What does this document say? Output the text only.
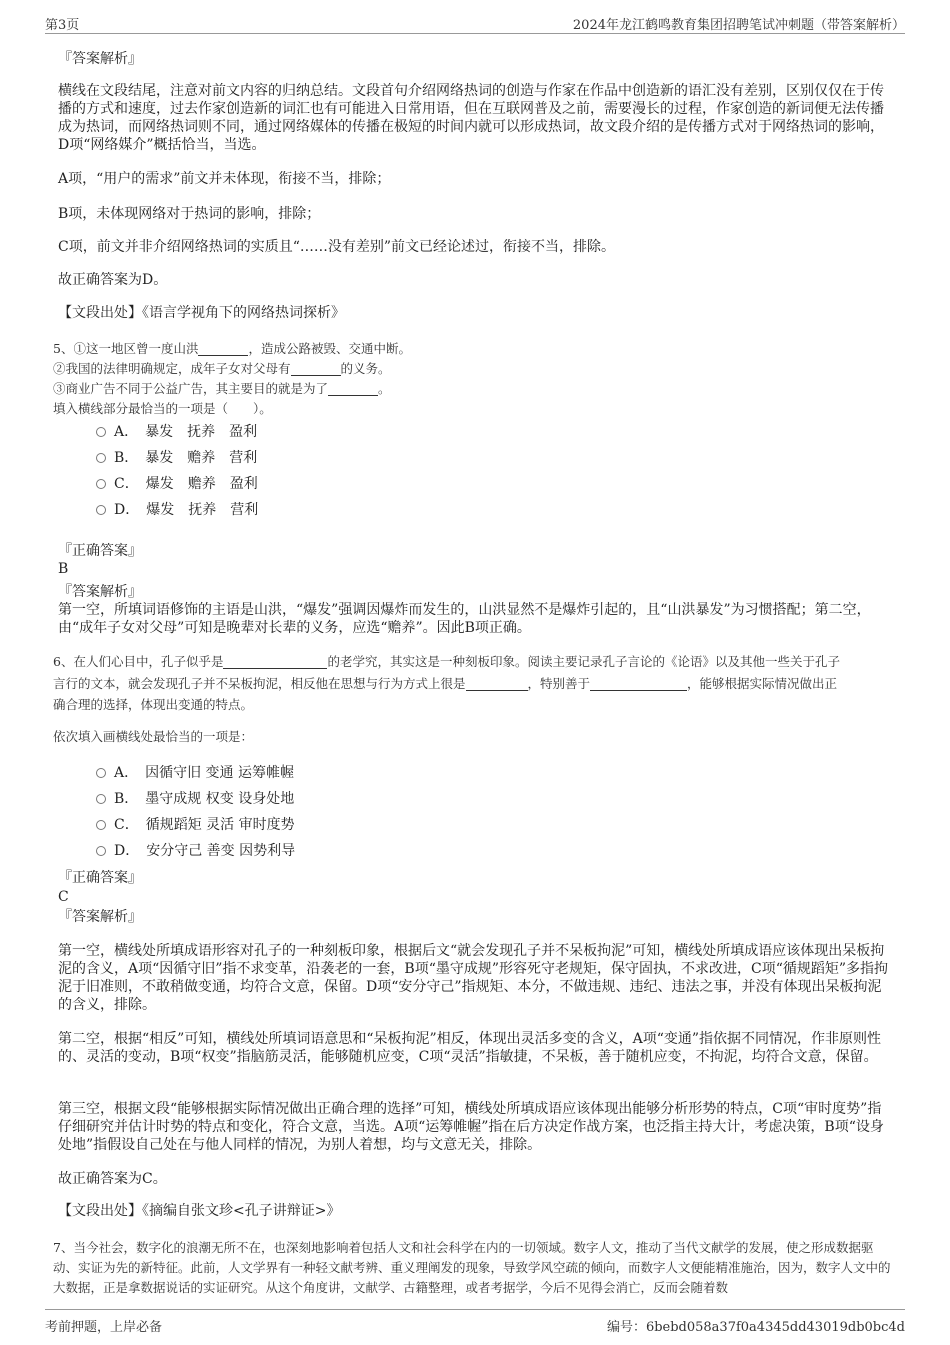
第3页	2024年龙江鹤鸣教育集团招聘笔试冲刺题（带答案解析）
『答案解析』
横线在文段结尾，注意对前文内容的归纳总结。文段首句介绍网络热词的创造与作家在作品中创造新的语汇没有差别，区别仅仅在于传播的方式和速度，过去作家创造新的词汇也有可能进入日常用语，但在互联网普及之前，需要漫长的过程，作家创造的新词便无法传播成为热词，而网络热词则不同，通过网络媒体的传播在极短的时间内就可以形成热词，故文段介绍的是传播方式对于网络热词的影响，D项“网络媒介”概括恰当，当选。
A项，“用户的需求”前文并未体现，衔接不当，排除；
B项，未体现网络对于热词的影响，排除；
C项，前文并非介绍网络热词的实质且“……没有差别”前文已经论述过，衔接不当，排除。
故正确答案为D。
【文段出处】《语言学视角下的网络热词探析》
5、①这一地区曾一度山洪	，造成公路被毁、交通中断。
②我国的法律明确规定，成年子女对父母有	的义务。
③商业广告不同于公益广告，其主要目的就是为了	。
填入横线部分最恰当的一项是（　　）。
A．　暴发　抚养　盈利
B．　暴发　赡养　营利
C．　爆发　赡养　盈利
D．　爆发　抚养　营利
『正确答案』
B
『答案解析』
第一空，所填词语修饰的主语是山洪，“爆发”强调因爆炸而发生的，山洪显然不是爆炸引起的，且“山洪暴发”为习惯搭配；第二空，由“成年子女对父母”可知是晚辈对长辈的义务，应选“赡养”。因此B项正确。
6、在人们心目中，孔子似乎是	的老学究，其实这是一种刻板印象。阅读主要记录孔子言论的《论语》以及其他一些关于孔子
言行的文本，就会发现孔子并不呆板拘泥，相反他在思想与行为方式上很是	，特别善于	，能够根据实际情况做出正
确合理的选择，体现出变通的特点。
依次填入画横线处最恰当的一项是：
A．　因循守旧 变通 运筹帷幄
B．　墨守成规 权变 设身处地
C．　循规蹈矩 灵活 审时度势
D．　安分守己 善变 因势利导
『正确答案』
C
『答案解析』
第一空，横线处所填成语形容对孔子的一种刻板印象，根据后文“就会发现孔子并不呆板拘泥”可知，横线处所填成语应该体现出呆板拘泥的含义，A项“因循守旧”指不求变革，沿袭老的一套，B项“墨守成规”形容死守老规矩，保守固执，不求改进，C项“循规蹈矩”多指拘泥于旧准则，不敢稍做变通，均符合文意，保留。D项“安分守己”指规矩、本分，不做违规、违纪、违法之事，并没有体现出呆板拘泥的含义，排除。
第二空，根据“相反”可知，横线处所填词语意思和“呆板拘泥”相反，体现出灵活多变的含义，A项“变通”指依据不同情况，作非原则性的、灵活的变动，B项“权变”指脑筋灵活，能够随机应变，C项“灵活”指敏捷，不呆板，善于随机应变，不拘泥，均符合文意，保留。
第三空，根据文段“能够根据实际情况做出正确合理的选择”可知，横线处所填成语应该体现出能够分析形势的特点，C项“审时度势”指仔细研究并估计时势的特点和变化，符合文意，当选。A项“运筹帷幄”指在后方决定作战方案，也泛指主持大计，考虑决策，B项“设身处地”指假设自己处在与他人同样的情况，为别人着想，均与文意无关，排除。
故正确答案为C。
【文段出处】《摘编自张文珍<孔子讲辩证>》
7、当今社会，数字化的浪潮无所不在，也深刻地影响着包括人文和社会科学在内的一切领域。数字人文，推动了当代文献学的发展，使之形成数据驱动、实证为先的新特征。此前，人文学界有一种轻文献考辨、重义理阐发的现象，导致学风空疏的倾向，而数字人文便能精准施治，因为，数字人文中的大数据，正是拿数据说话的实证研究。从这个角度讲，文献学、古籍整理，或者考据学，今后不见得会消亡，反而会随着数
考前押题，上岸必备	编号：6bebd058a37f0a4345dd43019db0bc4d
